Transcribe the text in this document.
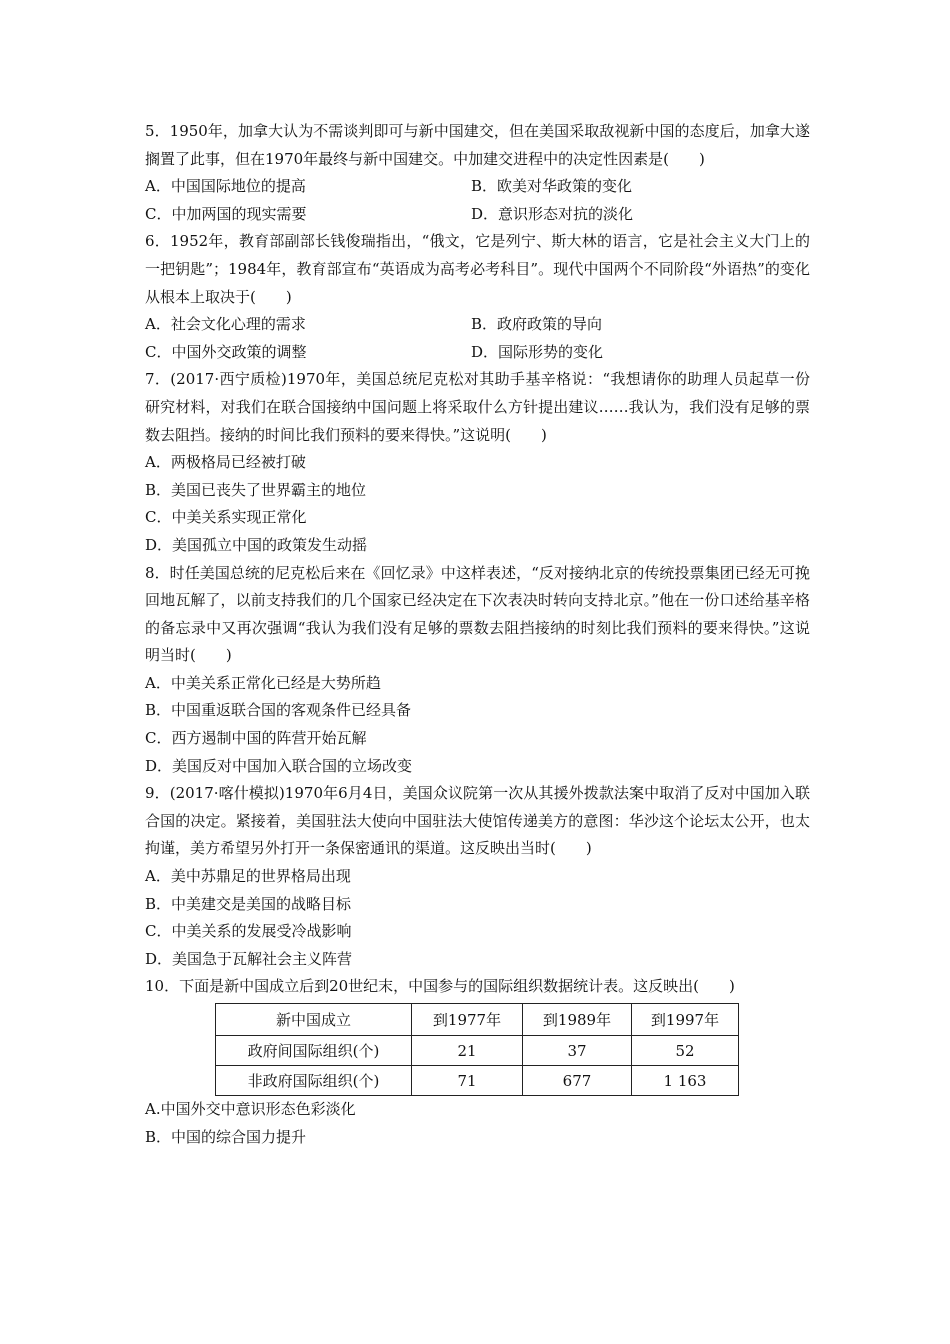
5．1950年，加拿大认为不需谈判即可与新中国建交，但在美国采取敌视新中国的态度后，加拿大遂搁置了此事，但在1970年最终与新中国建交。中加建交进程中的决定性因素是(　　)

A．中国国际地位的提高	B．欧美对华政策的变化

C．中加两国的现实需要	D．意识形态对抗的淡化

6．1952年，教育部副部长钱俊瑞指出，“俄文，它是列宁、斯大林的语言，它是社会主义大门上的一把钥匙”；1984年，教育部宣布“英语成为高考必考科目”。现代中国两个不同阶段“外语热”的变化从根本上取决于(　　)

A．社会文化心理的需求	B．政府政策的导向

C．中国外交政策的调整	D．国际形势的变化

7．(2017·西宁质检)1970年，美国总统尼克松对其助手基辛格说：“我想请你的助理人员起草一份研究材料，对我们在联合国接纳中国问题上将采取什么方针提出建议……我认为，我们没有足够的票数去阻挡。接纳的时间比我们预料的要来得快。”这说明(　　)

A．两极格局已经被打破

B．美国已丧失了世界霸主的地位

C．中美关系实现正常化

D．美国孤立中国的政策发生动摇

8．时任美国总统的尼克松后来在《回忆录》中这样表述，“反对接纳北京的传统投票集团已经无可挽回地瓦解了，以前支持我们的几个国家已经决定在下次表决时转向支持北京。”他在一份口述给基辛格的备忘录中又再次强调“我认为我们没有足够的票数去阻挡接纳的时刻比我们预料的要来得快。”这说明当时(　　)

A．中美关系正常化已经是大势所趋

B．中国重返联合国的客观条件已经具备

C．西方遏制中国的阵营开始瓦解

D．美国反对中国加入联合国的立场改变

9．(2017·喀什模拟)1970年6月4日，美国众议院第一次从其援外拨款法案中取消了反对中国加入联合国的决定。紧接着，美国驻法大使向中国驻法大使馆传递美方的意图：华沙这个论坛太公开，也太拘谨，美方希望另外打开一条保密通讯的渠道。这反映出当时(　　)

A．美中苏鼎足的世界格局出现

B．中美建交是美国的战略目标

C．中美关系的发展受冷战影响

D．美国急于瓦解社会主义阵营

10．下面是新中国成立后到20世纪末，中国参与的国际组织数据统计表。这反映出(　　)

新中国成立	到1977年	到1989年	到1997年
政府间国际组织(个)	21	37	52
非政府国际组织(个)	71	677	1 163

A.中国外交中意识形态色彩淡化

B．中国的综合国力提升
